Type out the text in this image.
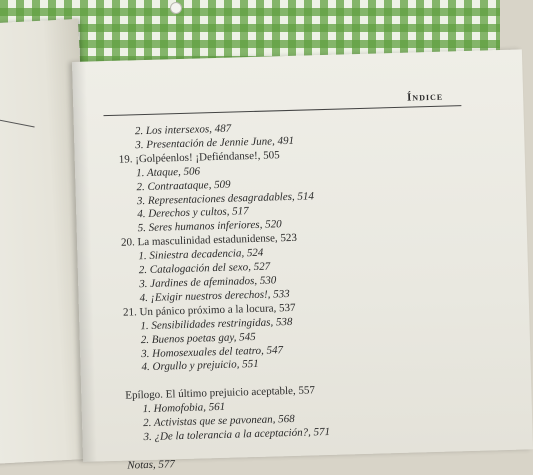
Índice
2. Los intersexos, 487
3. Presentación de Jennie June, 491
19. ¡Golpéenlos! ¡Defiéndanse!, 505
1. Ataque, 506
2. Contraataque, 509
3. Representaciones desagradables, 514
4. Derechos y cultos, 517
5. Seres humanos inferiores, 520
20. La masculinidad estadunidense, 523
1. Siniestra decadencia, 524
2. Catalogación del sexo, 527
3. Jardines de afeminados, 530
4. ¡Exigir nuestros derechos!, 533
21. Un pánico próximo a la locura, 537
1. Sensibilidades restringidas, 538
2. Buenos poetas gay, 545
3. Homosexuales del teatro, 547
4. Orgullo y prejuicio, 551
Epílogo. El último prejuicio aceptable, 557
1. Homofobia, 561
2. Activistas que se pavonean, 568
3. ¿De la tolerancia a la aceptación?, 571
Notas, 577
